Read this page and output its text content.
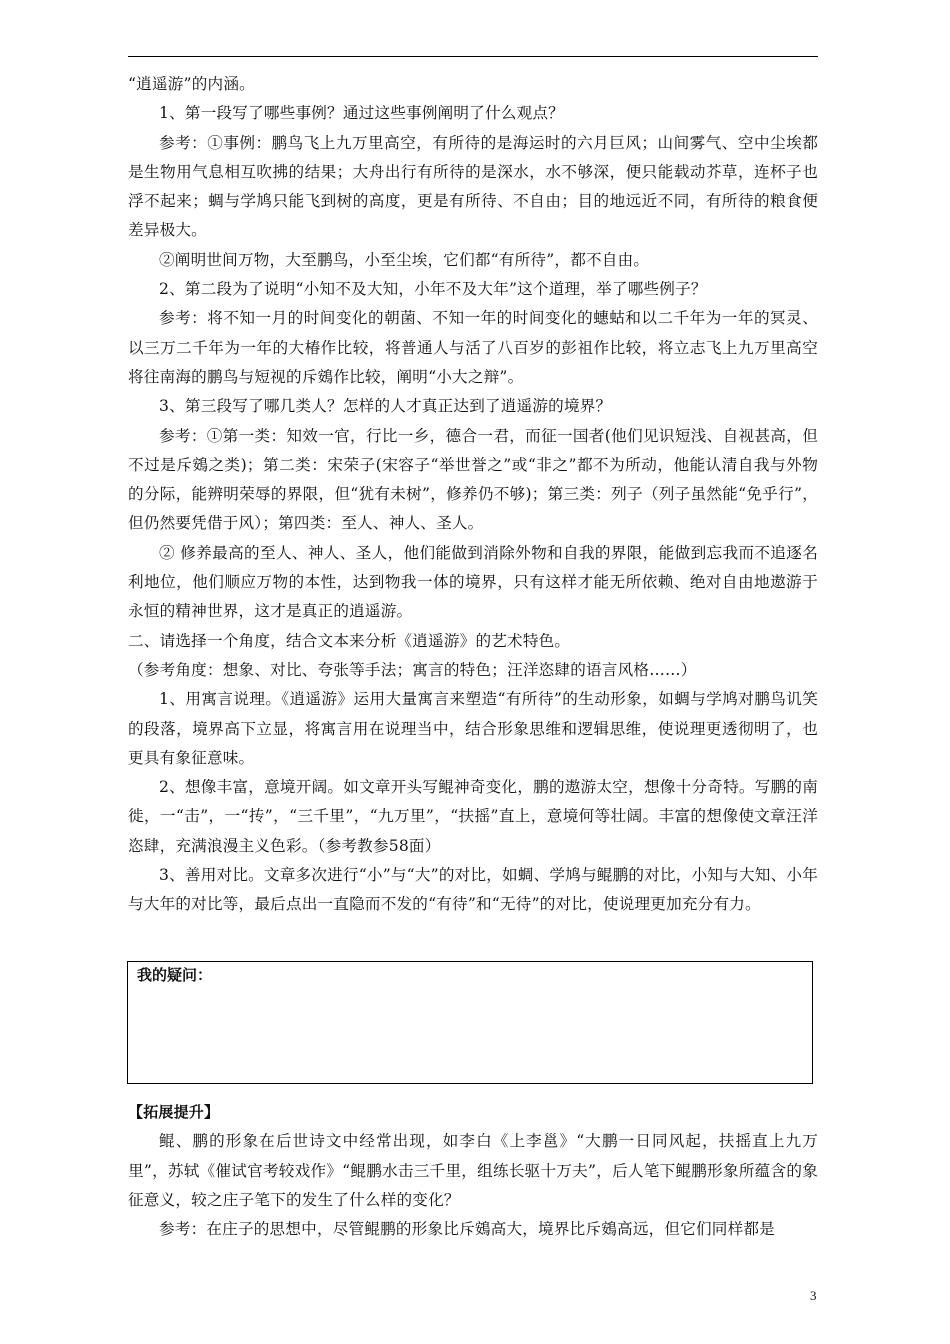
“逍遥游”的内涵。

1、第一段写了哪些事例？通过这些事例阐明了什么观点？

参考：①事例：鹏鸟飞上九万里高空，有所待的是海运时的六月巨风；山间雾气、空中尘埃都是生物用气息相互吹拂的结果；大舟出行有所待的是深水，水不够深，便只能载动芥草，连杯子也浮不起来；蜩与学鸠只能飞到树的高度，更是有所待、不自由；目的地远近不同，有所待的粮食便差异极大。

②阐明世间万物，大至鹏鸟，小至尘埃，它们都“有所待”，都不自由。

2、第二段为了说明“小知不及大知，小年不及大年”这个道理，举了哪些例子？

参考：将不知一月的时间变化的朝菌、不知一年的时间变化的蟪蛄和以二千年为一年的冥灵、以三万二千年为一年的大椿作比较，将普通人与活了八百岁的彭祖作比较，将立志飞上九万里高空将往南海的鹏鸟与短视的斥鴳作比较，阐明“小大之辩”。

3、第三段写了哪几类人？怎样的人才真正达到了逍遥游的境界？

参考：①第一类：知效一官，行比一乡，德合一君，而征一国者(他们见识短浅、自视甚高，但不过是斥鴳之类)；第二类：宋荣子(宋容子“举世誉之”或“非之”都不为所动，他能认清自我与外物的分际，能辨明荣辱的界限，但“犹有未树”，修养仍不够)；第三类：列子（列子虽然能“免乎行”，但仍然要凭借于风）；第四类：至人、神人、圣人。

② 修养最高的至人、神人、圣人，他们能做到消除外物和自我的界限，能做到忘我而不追逐名利地位，他们顺应万物的本性，达到物我一体的境界，只有这样才能无所依赖、绝对自由地遨游于永恒的精神世界，这才是真正的逍遥游。

二、请选择一个角度，结合文本来分析《逍遥游》的艺术特色。

（参考角度：想象、对比、夸张等手法；寓言的特色；汪洋恣肆的语言风格……）

1、用寓言说理。《逍遥游》运用大量寓言来塑造“有所待”的生动形象，如蜩与学鸠对鹏鸟讥笑的段落，境界高下立显，将寓言用在说理当中，结合形象思维和逻辑思维，使说理更透彻明了，也更具有象征意味。

2、想像丰富，意境开阔。如文章开头写鲲神奇变化，鹏的遨游太空，想像十分奇特。写鹏的南徙，一“击”，一“抟”，“三千里”，“九万里”，“扶摇”直上，意境何等壮阔。丰富的想像使文章汪洋恣肆，充满浪漫主义色彩。（参考教参58面）

3、善用对比。文章多次进行“小”与“大”的对比，如蜩、学鸠与鲲鹏的对比，小知与大知、小年与大年的对比等，最后点出一直隐而不发的“有待”和“无待”的对比，使说理更加充分有力。

我的疑问：

【拓展提升】

鲲、鹏的形象在后世诗文中经常出现，如李白《上李邕》“大鹏一日同风起，扶摇直上九万里”，苏轼《催试官考较戏作》“鲲鹏水击三千里，组练长驱十万夫”，后人笔下鲲鹏形象所蕴含的象征意义，较之庄子笔下的发生了什么样的变化？

参考：在庄子的思想中，尽管鲲鹏的形象比斥鴳高大，境界比斥鴳高远，但它们同样都是

3
